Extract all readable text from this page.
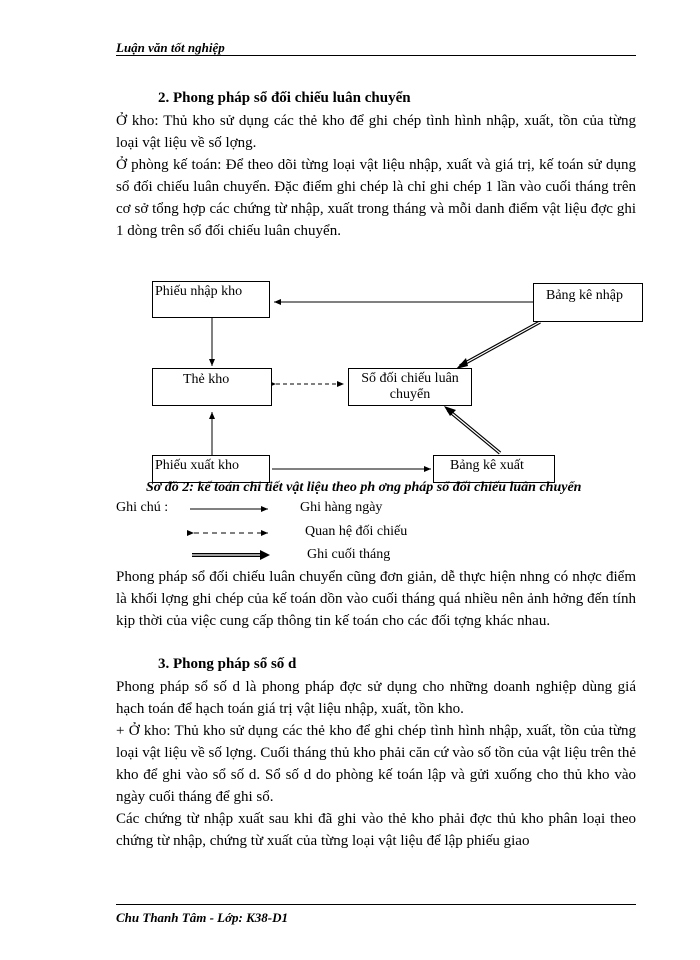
Luận văn tốt nghiệp
2. Phong pháp sổ đối chiếu luân chuyển
Ở kho: Thủ kho sử dụng các thẻ kho để ghi chép tình hình nhập, xuất, tồn của từng loại vật liệu về số lợng.
Ở phòng kế toán: Để theo dõi từng loại vật liệu nhập, xuất và giá trị, kế toán sử dụng sổ đối chiếu luân chuyển. Đặc điểm ghi chép là chỉ ghi chép 1 lần vào cuối tháng trên cơ sở tổng hợp các chứng từ nhập, xuất trong tháng và mỗi danh điểm vật liệu đợc ghi 1 dòng trên sổ đối chiếu luân chuyển.
Phiếu nhập kho	Bảng kê nhập
Thẻ kho	Sổ đối chiếu luân chuyển
Phiếu xuất kho	Bảng kê xuất
Sơ đồ 2: kế toán chi tiết vật liệu theo ph ơng pháp sổ đối chiếu luân chuyển
Ghi chú :	Ghi hàng ngày
Quan hệ đối chiếu
Ghi cuối tháng
Phong pháp sổ đối chiếu luân chuyển cũng đơn giản, dễ thực hiện nhng có nhợc điểm là khối lợng ghi chép của kế toán dồn vào cuối tháng quá nhiều nên ảnh hởng đến tính kịp thời của việc cung cấp thông tin kế toán cho các đối tợng khác nhau.
3. Phong pháp sổ số d
Phong pháp sổ số d là phong pháp đợc sử dụng cho những doanh nghiệp dùng giá hạch toán để hạch toán giá trị vật liệu nhập, xuất, tồn kho.
+ Ở kho: Thủ kho sử dụng các thẻ kho để ghi chép tình hình nhập, xuất, tồn của từng loại vật liệu về số lợng. Cuối tháng thủ kho phải căn cứ vào số tồn của vật liệu trên thẻ kho để ghi vào sổ số d. Sổ số d do phòng kế toán lập và gửi xuống cho thủ kho vào ngày cuối tháng để ghi sổ.
Các chứng từ nhập xuất sau khi đã ghi vào thẻ kho phải đợc thủ kho phân loại theo chứng từ nhập, chứng từ xuất của từng loại vật liệu để lập phiếu giao
Chu Thanh Tâm - Lớp: K38-D1
